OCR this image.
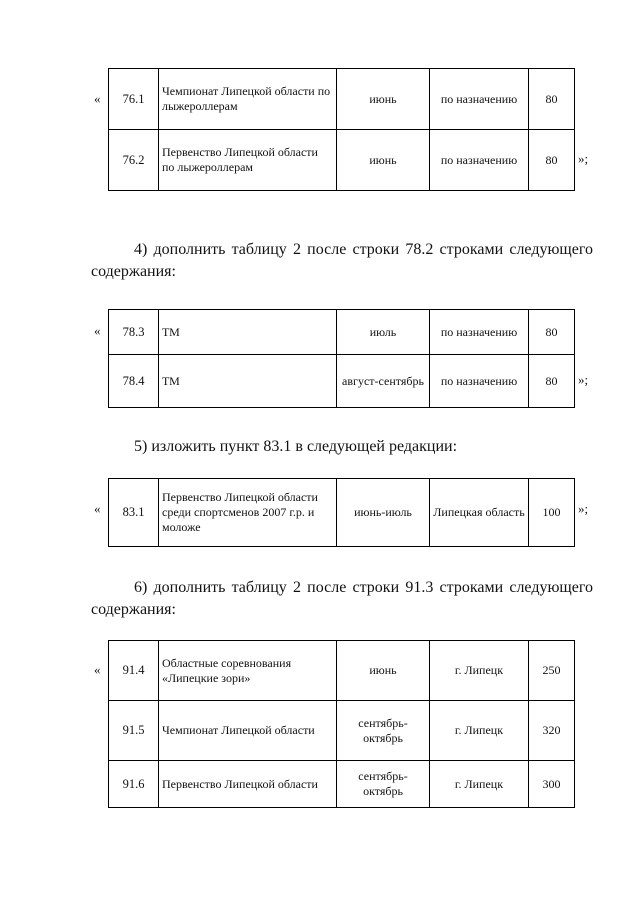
« 76.1	Чемпионат Липецкой области по лыжероллерам	июнь	по назначению	80
76.2	Первенство Липецкой области по лыжероллерам	июнь	по назначению	80 »;
4) дополнить таблицу 2 после строки 78.2 строками следующего содержания:
« 78.3	ТМ	июль	по назначению	80
78.4	ТМ	август-сентябрь	по назначению	80 »;
5) изложить пункт 83.1 в следующей редакции:
« 83.1	Первенство Липецкой области среди спортсменов 2007 г.р. и моложе	июнь-июль	Липецкая область	100 »;
6) дополнить таблицу 2 после строки 91.3 строками следующего содержания:
« 91.4	Областные соревнования «Липецкие зори»	июнь	г. Липецк	250
91.5	Чемпионат Липецкой области	сентябрь-октябрь	г. Липецк	320
91.6	Первенство Липецкой области	сентябрь-октябрь	г. Липецк	300
